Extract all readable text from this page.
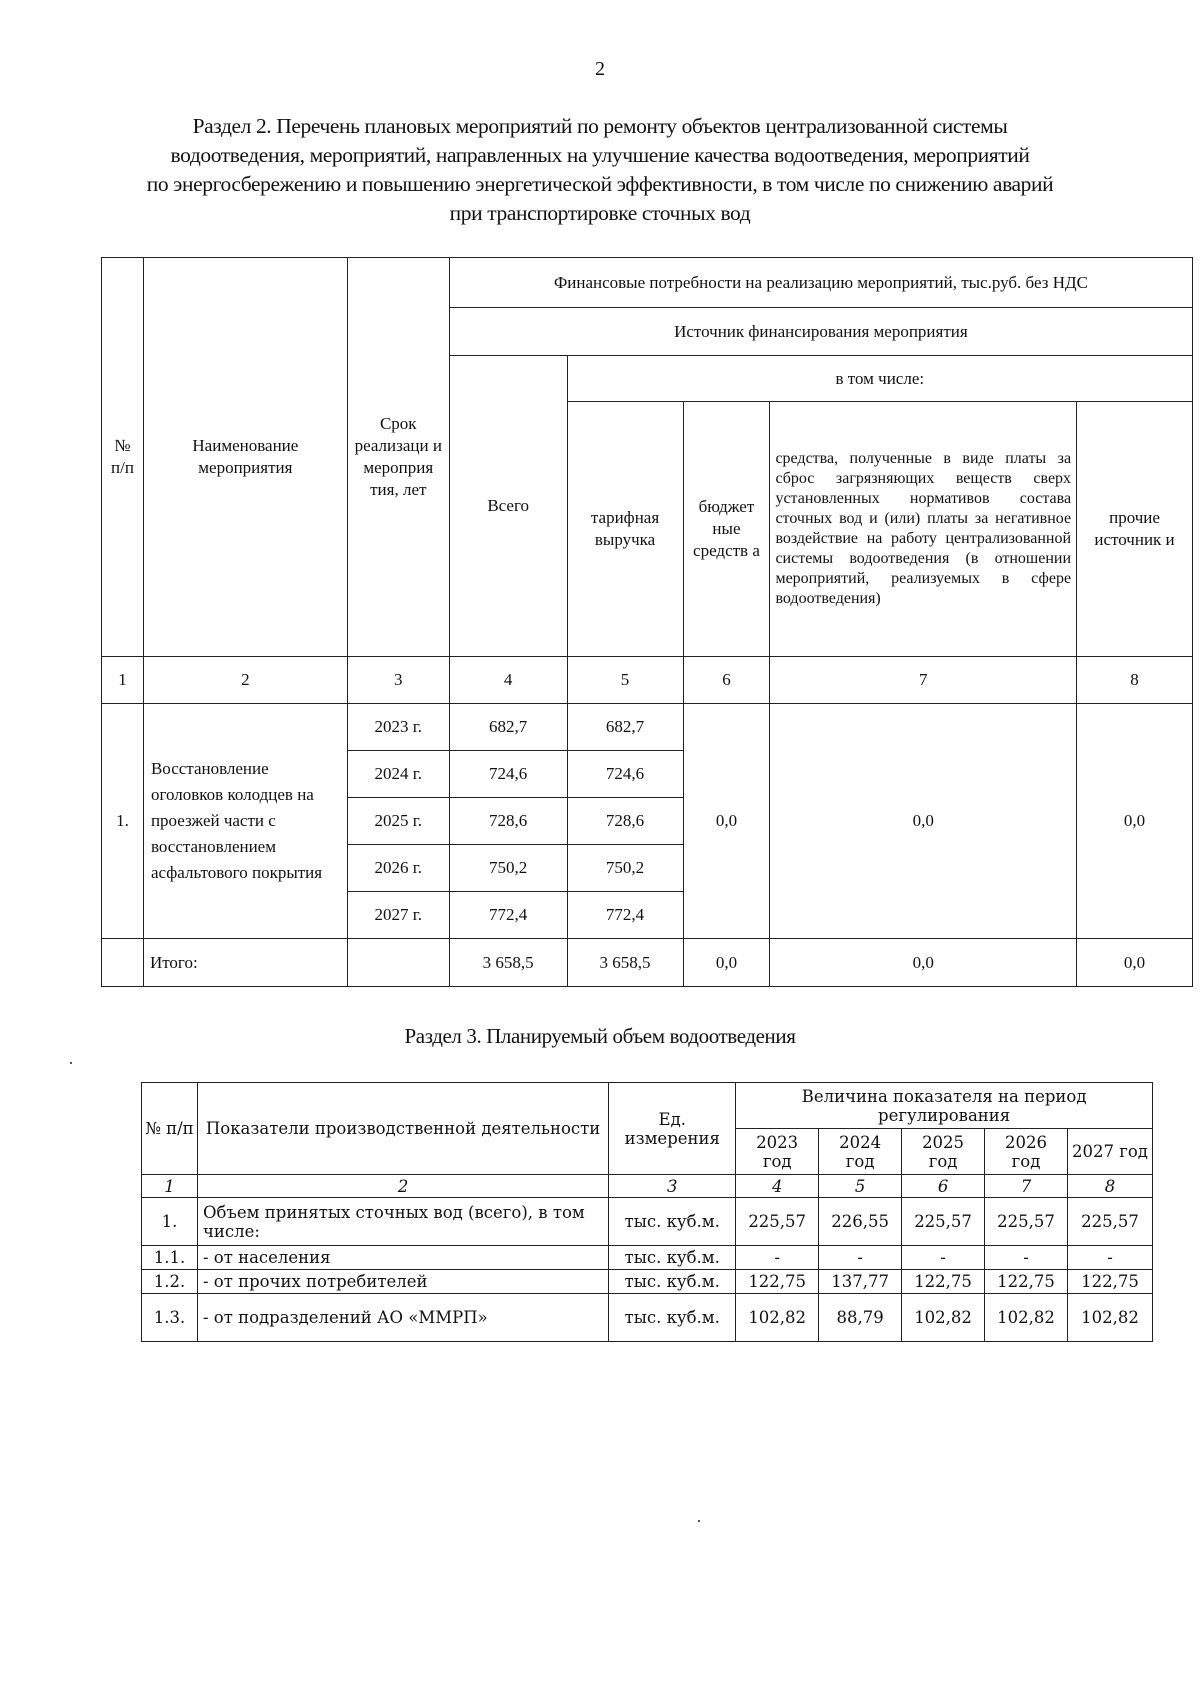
2
Раздел 2. Перечень плановых мероприятий по ремонту объектов централизованной системы
водоотведения, мероприятий, направленных на улучшение качества водоотведения, мероприятий
по энергосбережению и повышению энергетической эффективности, в том числе по снижению аварий
при транспортировке сточных вод
№ п/п	Наименование мероприятия	Срок реализаци и мероприя тия, лет	Финансовые потребности на реализацию мероприятий, тыс.руб. без НДС				
			Источник финансирования мероприятия				
			Всего	в том числе:			
				тарифная выручка	бюджет ные средств а	средства, полученные в виде платы за сброс загрязняющих веществ сверх установленных нормативов состава сточных вод и (или) платы за негативное воздействие на работу централизованной системы водоотведения (в отношении мероприятий, реализуемых в сфере водоотведения)	прочие источник и
1	2	3	4	5	6	7	8
1.	Восстановление оголовков колодцев на проезжей части с восстановлением асфальтового покрытия	2023 г.	682,7	682,7	0,0	0,0	0,0
		2024 г.	724,6	724,6			
		2025 г.	728,6	728,6			
		2026 г.	750,2	750,2			
		2027 г.	772,4	772,4			
	Итого:		3 658,5	3 658,5	0,0	0,0	0,0
Раздел 3. Планируемый объем водоотведения
№ п/п	Показатели производственной деятельности	Ед. измерения	Величина показателя на период регулирования				
			2023 год	2024 год	2025 год	2026 год	2027 год
1	2	3	4	5	6	7	8
1.	Объем принятых сточных вод (всего), в том числе:	тыс. куб.м.	225,57	226,55	225,57	225,57	225,57
1.1.	- от населения	тыс. куб.м.	-	-	-	-	-
1.2.	- от прочих потребителей	тыс. куб.м.	122,75	137,77	122,75	122,75	122,75
1.3.	- от подразделений АО «ММРП»	тыс. куб.м.	102,82	88,79	102,82	102,82	102,82
